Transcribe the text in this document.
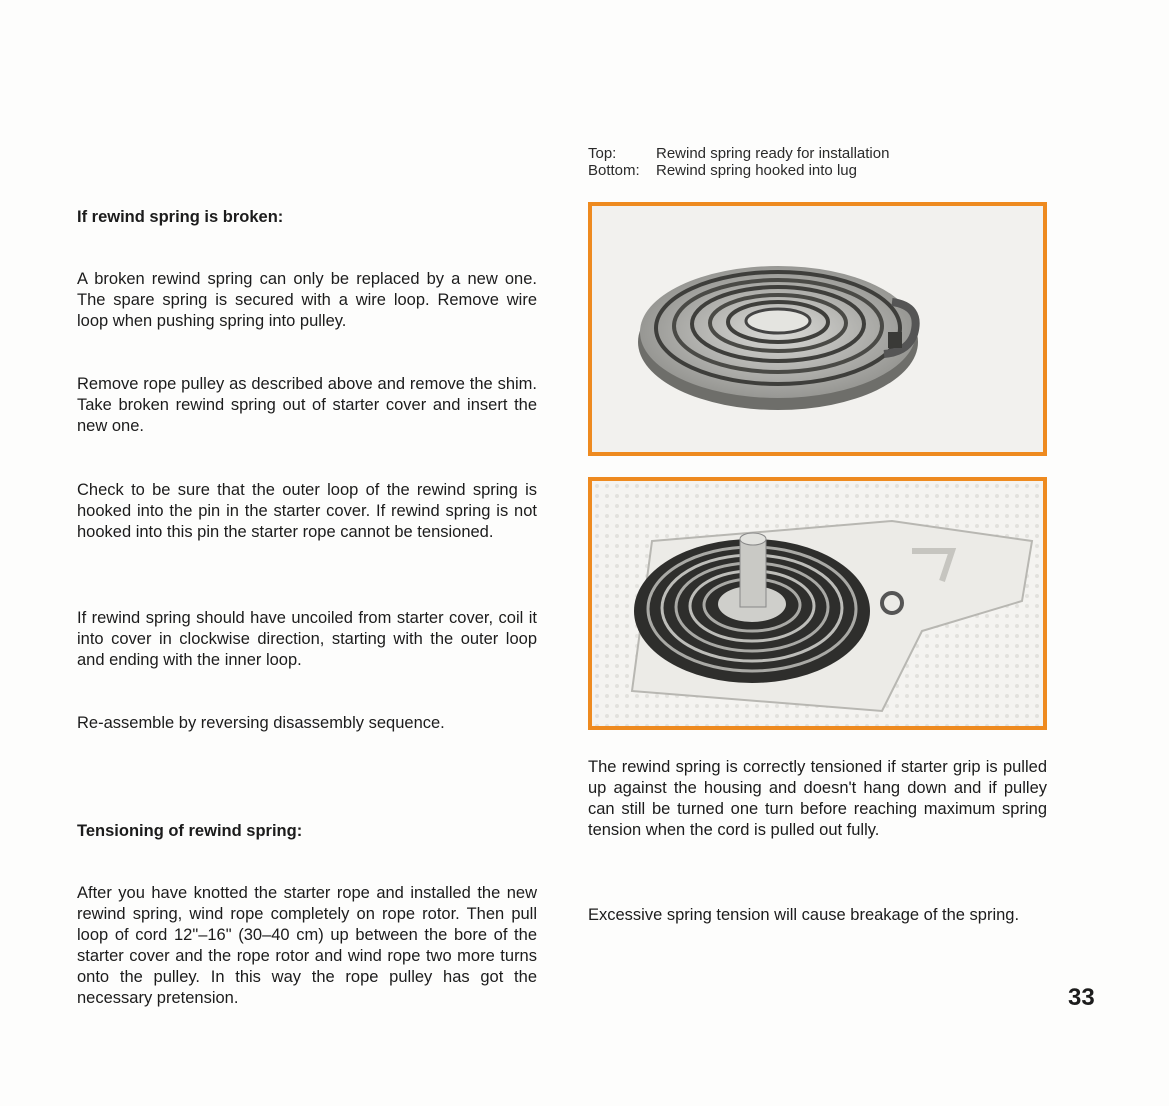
Top:	Rewind spring ready for installation
Bottom:	Rewind spring hooked into lug

If rewind spring is broken:

A broken rewind spring can only be replaced by a new one. The spare spring is secured with a wire loop. Remove wire loop when pushing spring into pulley.

Remove rope pulley as described above and remove the shim. Take broken rewind spring out of starter cover and insert the new one.

Check to be sure that the outer loop of the rewind spring is hooked into the pin in the starter cover. If rewind spring is not hooked into this pin the starter rope cannot be tensioned.

If rewind spring should have uncoiled from starter cover, coil it into cover in clockwise direction, starting with the outer loop and ending with the inner loop.

Re-assemble by reversing disassembly sequence.

Tensioning of rewind spring:

After you have knotted the starter rope and installed the new rewind spring, wind rope completely on rope rotor. Then pull loop of cord 12"–16" (30–40 cm) up between the bore of the starter cover and the rope rotor and wind rope two more turns onto the pulley. In this way the rope pulley has got the necessary pretension.

The rewind spring is correctly tensioned if starter grip is pulled up against the housing and doesn't hang down and if pulley can still be turned one turn before reaching maximum spring tension when the cord is pulled out fully.

Excessive spring tension will cause breakage of the spring.

33
